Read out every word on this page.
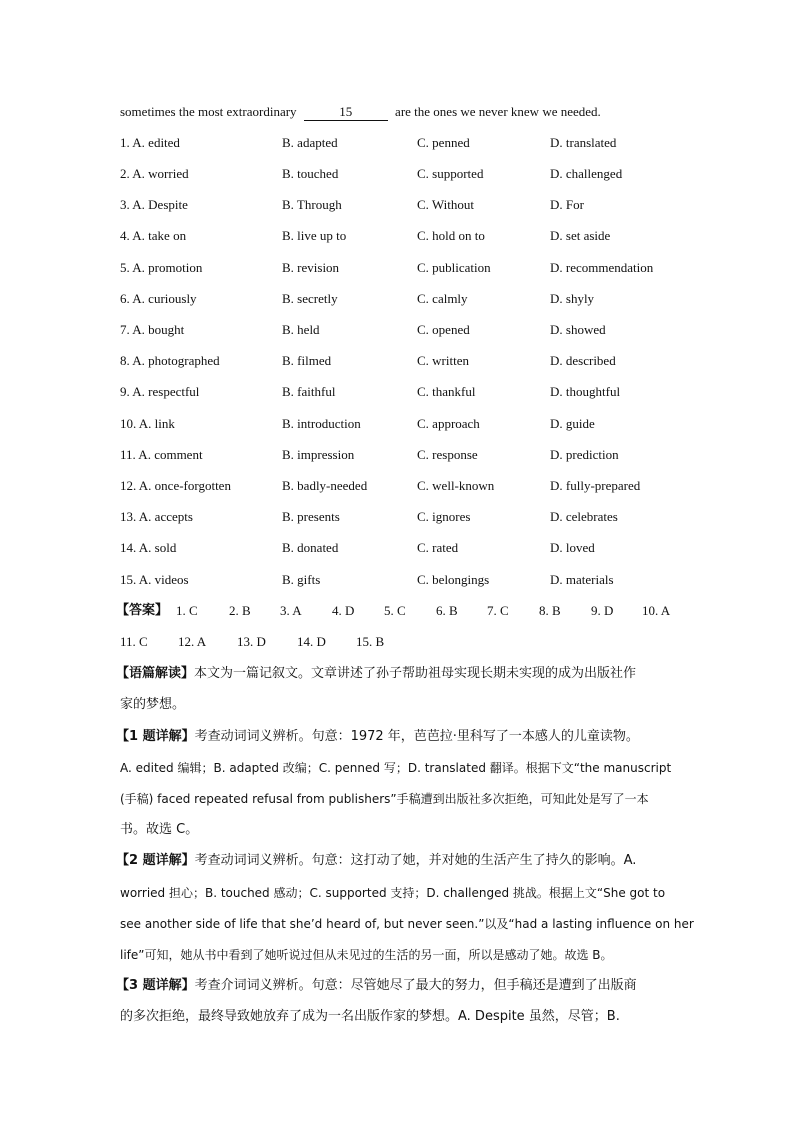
sometimes the most extraordinary	15	are the ones we never knew we needed.
1. A. edited	B. adapted	C. penned	D. translated
2. A. worried	B. touched	C. supported	D. challenged
3. A. Despite	B. Through	C. Without	D. For
4. A. take on	B. live up to	C. hold on to	D. set aside
5. A. promotion	B. revision	C. publication	D. recommendation
6. A. curiously	B. secretly	C. calmly	D. shyly
7. A. bought	B. held	C. opened	D. showed
8. A. photographed	B. filmed	C. written	D. described
9. A. respectful	B. faithful	C. thankful	D. thoughtful
10. A. link	B. introduction	C. approach	D. guide
11. A. comment	B. impression	C. response	D. prediction
12. A. once-forgotten	B. badly-needed	C. well-known	D. fully-prepared
13. A. accepts	B. presents	C. ignores	D. celebrates
14. A. sold	B. donated	C. rated	D. loved
15. A. videos	B. gifts	C. belongings	D. materials
【答案】 1. C 2. B 3. A 4. D 5. C 6. B 7. C 8. B 9. D 10. A
11. C 12. A 13. D 14. D 15. B
【语篇解读】本文为一篇记叙文。文章讲述了孙子帮助祖母实现长期未实现的成为出版社作
家的梦想。
【1 题详解】考查动词词义辨析。句意：1972 年，芭芭拉·里科写了一本感人的儿童读物。
A. edited 编辑；B. adapted 改编；C. penned 写；D. translated 翻译。根据下文“the manuscript
(手稿) faced repeated refusal from publishers”手稿遭到出版社多次拒绝，可知此处是写了一本
书。故选 C。
【2 题详解】考查动词词义辨析。句意：这打动了她，并对她的生活产生了持久的影响。A.
worried 担心；B. touched 感动；C. supported 支持；D. challenged 挑战。根据上文“She got to
see another side of life that she’d heard of, but never seen.”以及“had a lasting influence on her
life”可知，她从书中看到了她听说过但从未见过的生活的另一面，所以是感动了她。故选 B。
【3 题详解】考查介词词义辨析。句意：尽管她尽了最大的努力，但手稿还是遭到了出版商
的多次拒绝，最终导致她放弃了成为一名出版作家的梦想。A. Despite 虽然，尽管；B.
